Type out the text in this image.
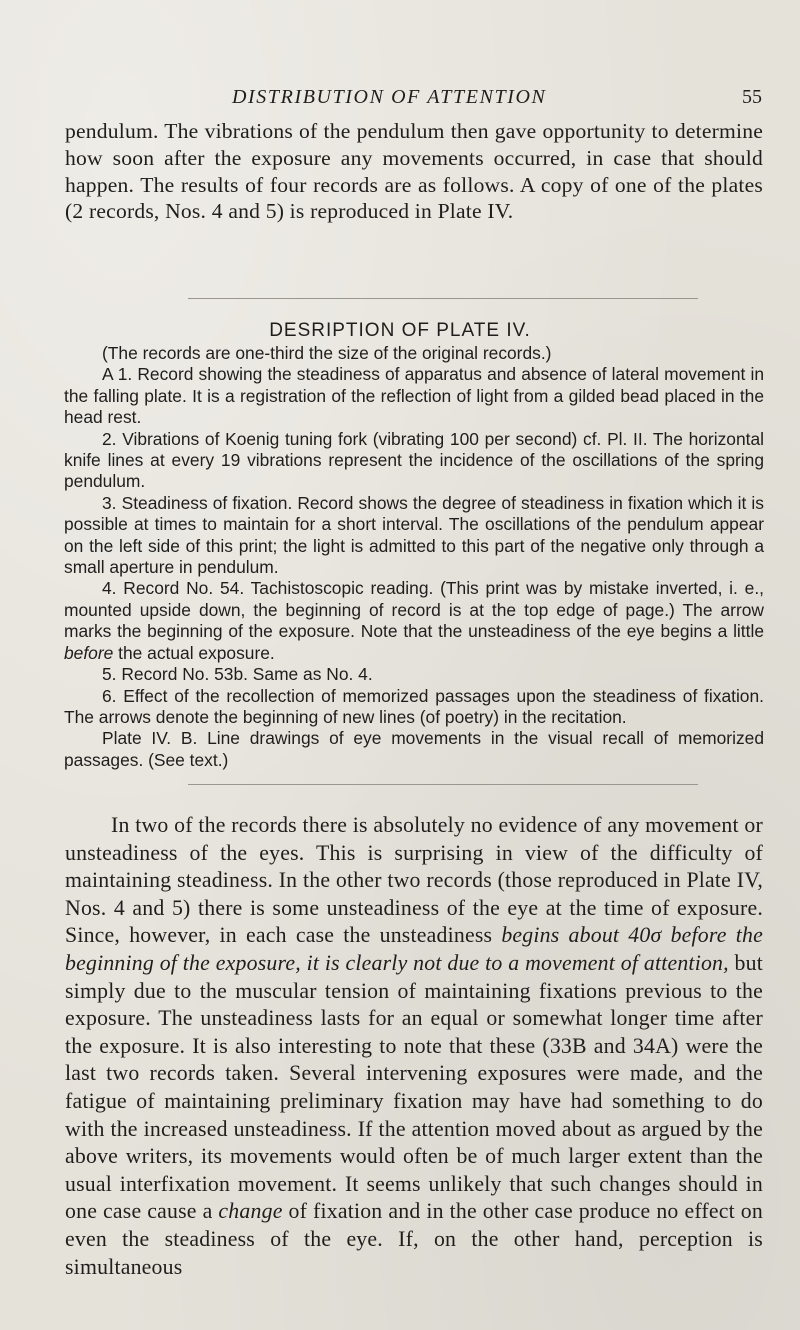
DISTRIBUTION OF ATTENTION	55
pendulum. The vibrations of the pendulum then gave opportunity to determine how soon after the exposure any movements occurred, in case that should happen. The results of four records are as follows. A copy of one of the plates (2 records, Nos. 4 and 5) is reproduced in Plate IV.
DESRIPTION OF PLATE IV.

(The records are one-third the size of the original records.)

A 1. Record showing the steadiness of apparatus and absence of lateral movement in the falling plate. It is a registration of the reflection of light from a gilded bead placed in the head rest.

2. Vibrations of Koenig tuning fork (vibrating 100 per second) cf. Pl. II. The horizontal knife lines at every 19 vibrations represent the incidence of the oscillations of the spring pendulum.

3. Steadiness of fixation. Record shows the degree of steadiness in fixation which it is possible at times to maintain for a short interval. The oscillations of the pendulum appear on the left side of this print; the light is admitted to this part of the negative only through a small aperture in pendulum.

4. Record No. 54. Tachistoscopic reading. (This print was by mistake inverted, i. e., mounted upside down, the beginning of record is at the top edge of page.) The arrow marks the beginning of the exposure. Note that the unsteadiness of the eye begins a little before the actual exposure.

5. Record No. 53b. Same as No. 4.

6. Effect of the recollection of memorized passages upon the steadiness of fixation. The arrows denote the beginning of new lines (of poetry) in the recitation.

Plate IV. B. Line drawings of eye movements in the visual recall of memorized passages. (See text.)

In two of the records there is absolutely no evidence of any movement or unsteadiness of the eyes. This is surprising in view of the difficulty of maintaining steadiness. In the other two records (those reproduced in Plate IV, Nos. 4 and 5) there is some unsteadiness of the eye at the time of exposure. Since, however, in each case the unsteadiness begins about 40σ before the beginning of the exposure, it is clearly not due to a movement of attention, but simply due to the muscular tension of maintaining fixations previous to the exposure. The unsteadiness lasts for an equal or somewhat longer time after the exposure. It is also interesting to note that these (33B and 34A) were the last two records taken. Several intervening exposures were made, and the fatigue of maintaining preliminary fixation may have had something to do with the increased unsteadiness. If the attention moved about as argued by the above writers, its movements would often be of much larger extent than the usual interfixation movement. It seems unlikely that such changes should in one case cause a change of fixation and in the other case produce no effect on even the steadiness of the eye. If, on the other hand, perception is simultaneous
